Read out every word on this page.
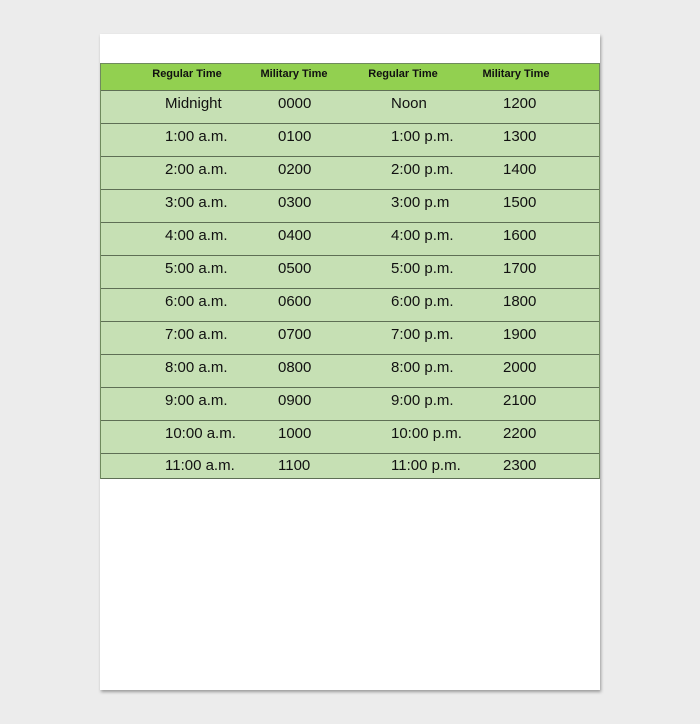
Regular Time	Military Time	Regular Time	Military Time
Midnight	0000	Noon	1200
1:00 a.m.	0100	1:00 p.m.	1300
2:00 a.m.	0200	2:00 p.m.	1400
3:00 a.m.	0300	3:00 p.m	1500
4:00 a.m.	0400	4:00 p.m.	1600
5:00 a.m.	0500	5:00 p.m.	1700
6:00 a.m.	0600	6:00 p.m.	1800
7:00 a.m.	0700	7:00 p.m.	1900
8:00 a.m.	0800	8:00 p.m.	2000
9:00 a.m.	0900	9:00 p.m.	2100
10:00 a.m.	1000	10:00 p.m.	2200
11:00 a.m.	1100	11:00 p.m.	2300
